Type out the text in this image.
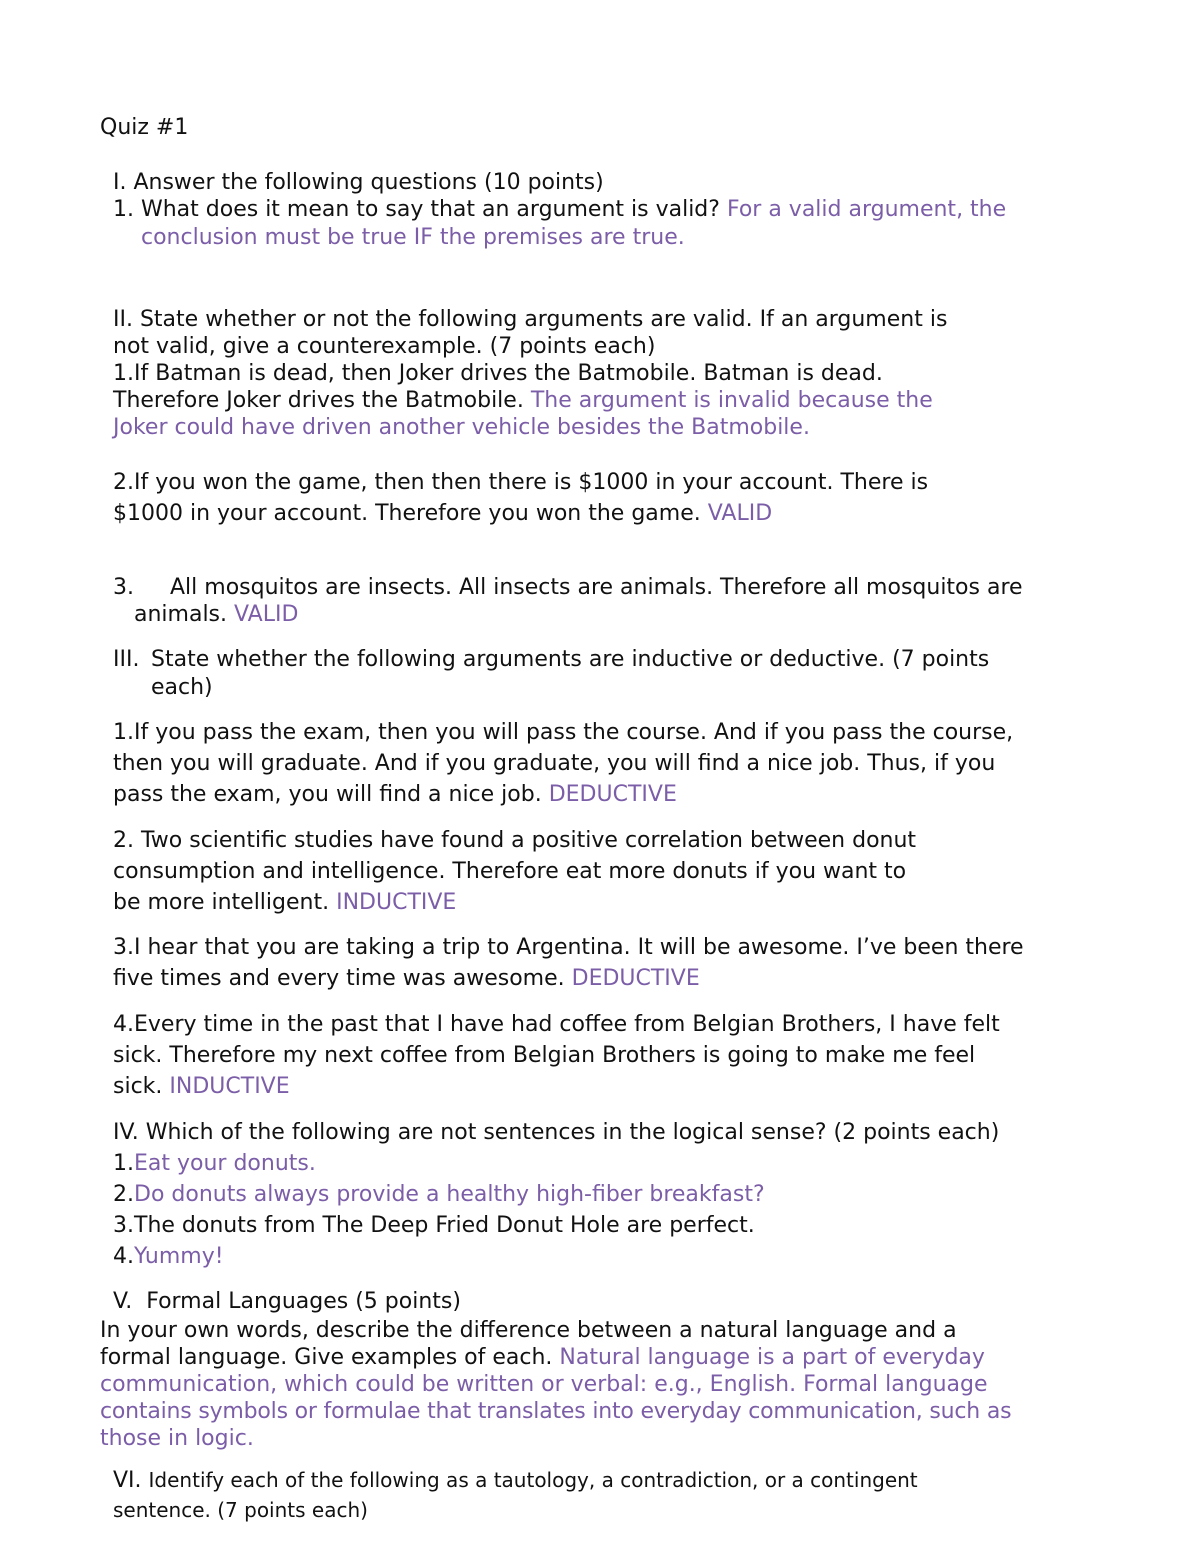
Quiz #1
I. Answer the following questions (10 points)
1. What does it mean to say that an argument is valid? For a valid argument, the
conclusion must be true IF the premises are true.
II. State whether or not the following arguments are valid. If an argument is
not valid, give a counterexample. (7 points each)
1.If Batman is dead, then Joker drives the Batmobile. Batman is dead.
Therefore Joker drives the Batmobile. The argument is invalid because the
Joker could have driven another vehicle besides the Batmobile.
2.If you won the game, then then there is $1000 in your account. There is
$1000 in your account. Therefore you won the game. VALID
3. All mosquitos are insects. All insects are animals. Therefore all mosquitos are
animals. VALID
III. State whether the following arguments are inductive or deductive. (7 points
each)
1.If you pass the exam, then you will pass the course. And if you pass the course,
then you will graduate. And if you graduate, you will find a nice job. Thus, if you
pass the exam, you will find a nice job. DEDUCTIVE
2. Two scientific studies have found a positive correlation between donut
consumption and intelligence. Therefore eat more donuts if you want to
be more intelligent. INDUCTIVE
3.I hear that you are taking a trip to Argentina. It will be awesome. I’ve been there
five times and every time was awesome. DEDUCTIVE
4.Every time in the past that I have had coffee from Belgian Brothers, I have felt
sick. Therefore my next coffee from Belgian Brothers is going to make me feel
sick. INDUCTIVE
IV. Which of the following are not sentences in the logical sense? (2 points each)
1.Eat your donuts.
2.Do donuts always provide a healthy high-fiber breakfast?
3.The donuts from The Deep Fried Donut Hole are perfect.
4.Yummy!
V.  Formal Languages (5 points)
In your own words, describe the difference between a natural language and a
formal language. Give examples of each. Natural language is a part of everyday
communication, which could be written or verbal: e.g., English. Formal language
contains symbols or formulae that translates into everyday communication, such as
those in logic.
VI. Identify each of the following as a tautology, a contradiction, or a contingent
sentence. (7 points each)
